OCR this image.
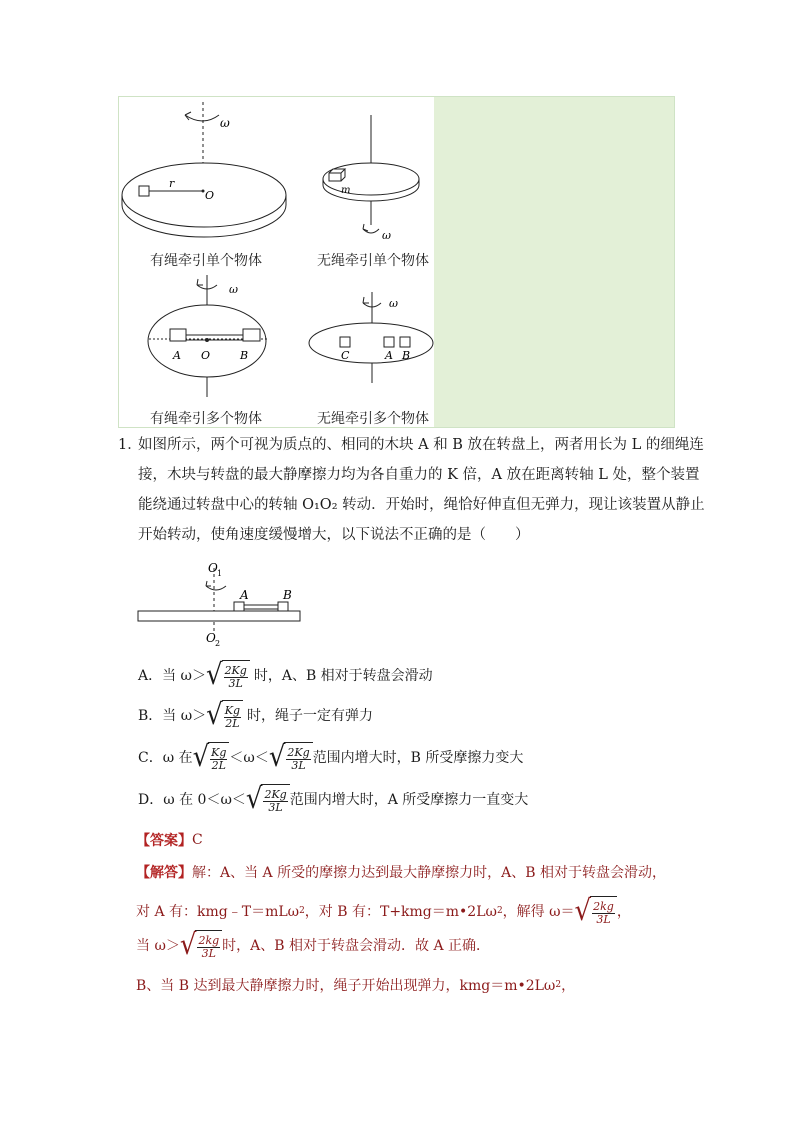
ω
r
O	m
ω
ω
A O	B
ω
C	A B
有绳牵引单个物体	无绳牵引单个物体
有绳牵引多个物体	无绳牵引多个物体
1．
如图所示，两个可视为质点的、相同的木块 A 和 B 放在转盘上，两者用长为 L 的细绳连
接，木块与转盘的最大静摩擦力均为各自重力的 K 倍，A 放在距离转轴 L 处，整个装置
能绕通过转盘中心的转轴 O₁O₂ 转动．开始时，绳恰好伸直但无弹力，现让该装置从静止
开始转动，使角速度缓慢增大，以下说法不正确的是（　　）
O 1
O 2
A	B
A．当 ω＞ √ $\frac{2Kg}{3L}$ 时，A、B 相对于转盘会滑动
B．当 ω＞ √ $\frac{Kg}{2L}$ 时，绳子一定有弹力
C．ω 在 √ $\frac{Kg}{2L} <\omega<$ √ $\frac{2Kg}{3L}$ 范围内增大时，B 所受摩擦力变大
D．ω 在 0＜ω＜ √ $\frac{2Kg}{3L}$ 范围内增大时，A 所受摩擦力一直变大
【答案】 C
【解答】 解：A、当 A 所受的摩擦力达到最大静摩擦力时，A、B 相对于转盘会滑动，
对 A 有：kmg﹣T＝mLω 2 ，对 B 有：T+kmg＝m•2Lω 2 ，解得 ω＝ √ $\frac{2kg}{3L}$ ，
当 ω＞ √ $\frac{2kg}{3L}$ 时，A、B 相对于转盘会滑动．故 A 正确．
B、当 B 达到最大静摩擦力时，绳子开始出现弹力，kmg＝m•2Lω 2 ，
